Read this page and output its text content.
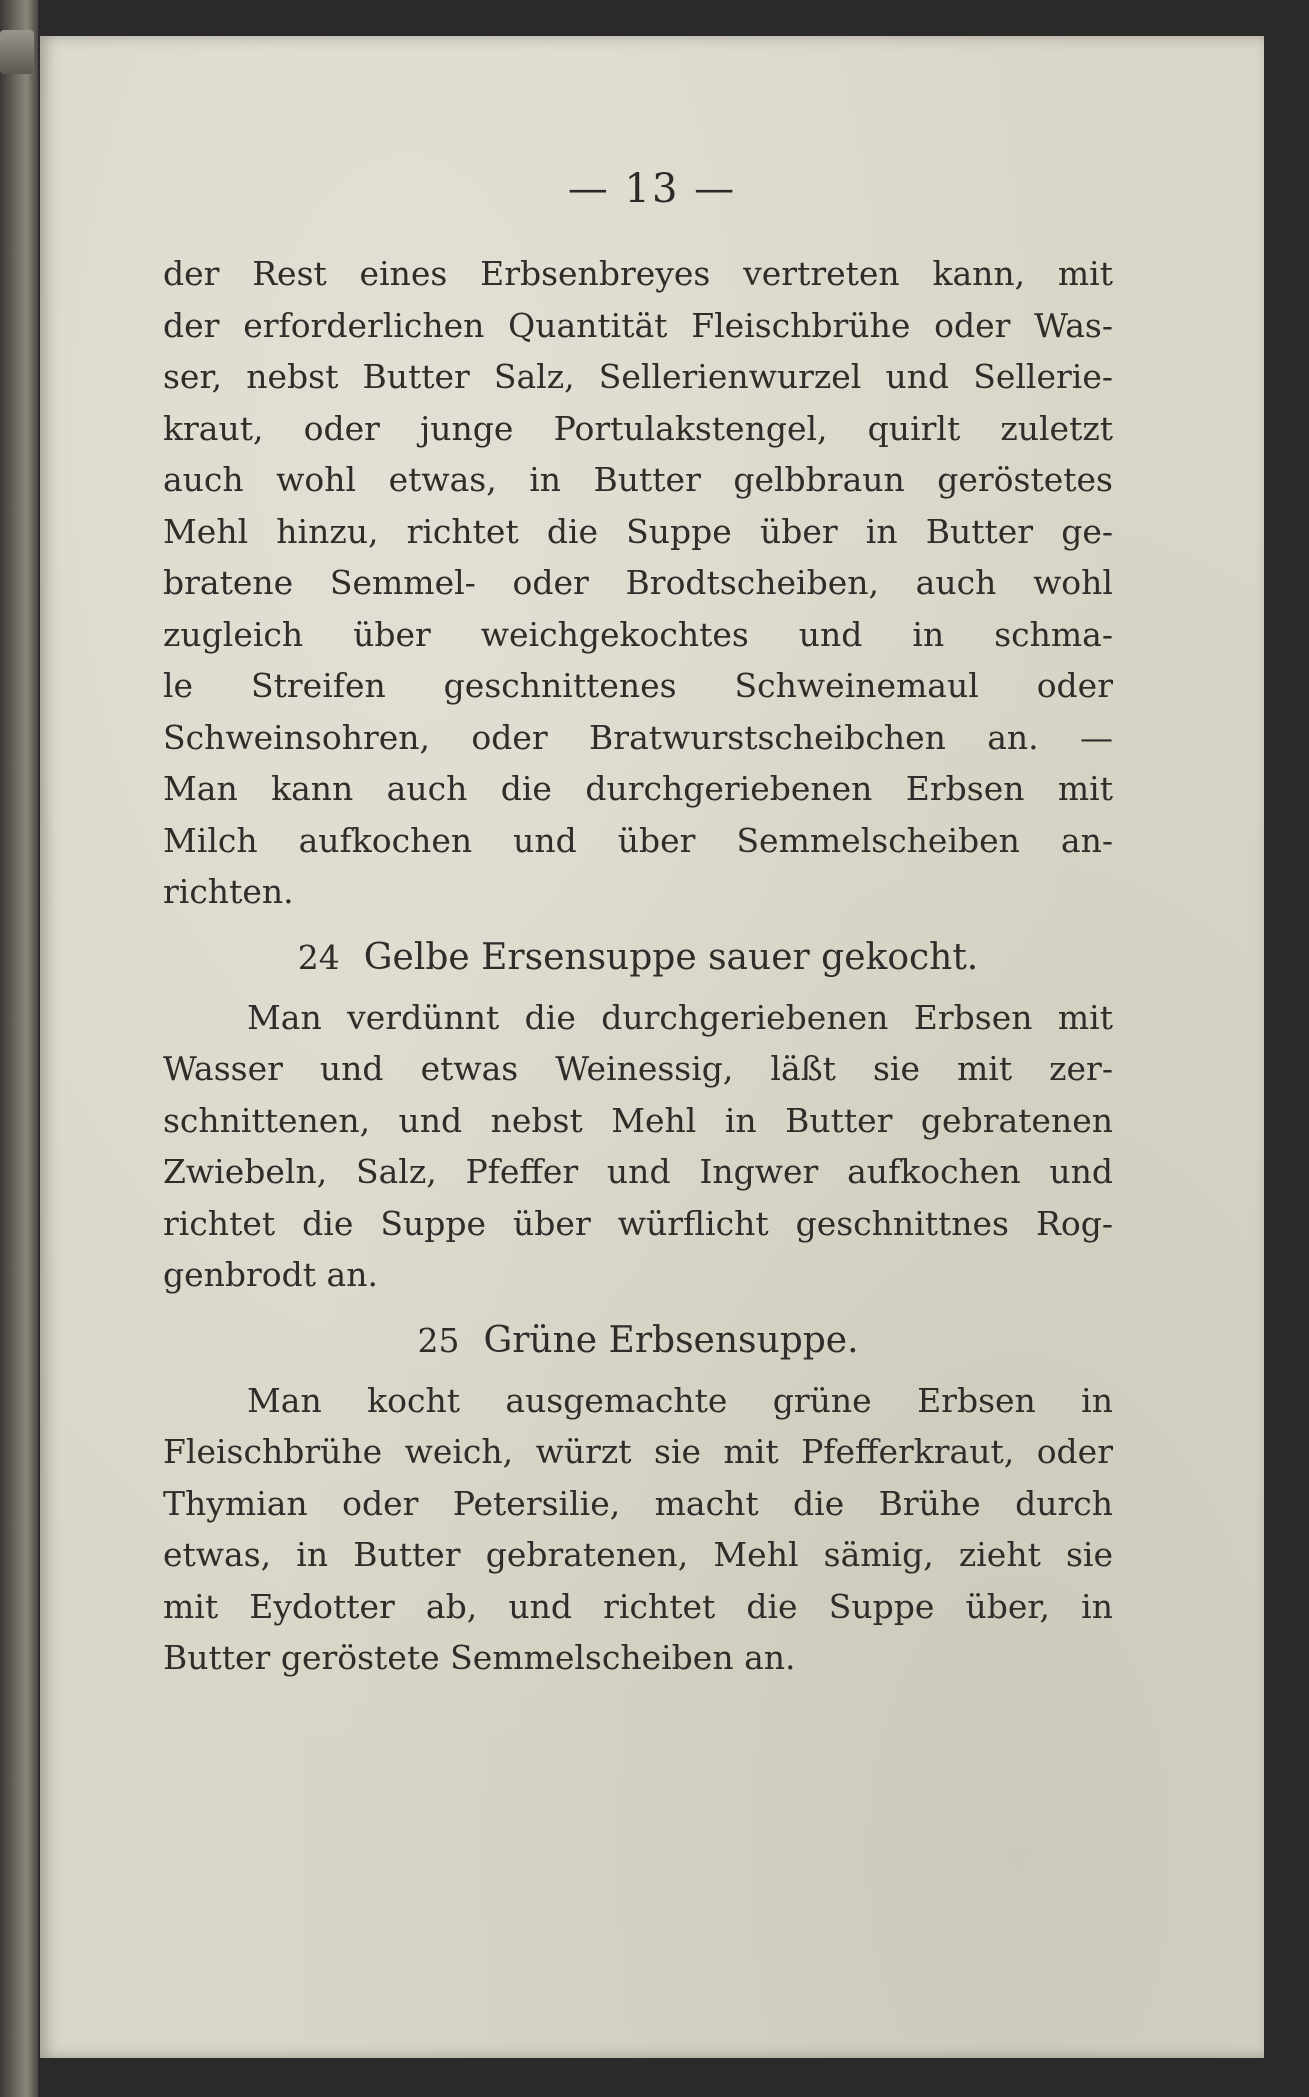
— 13 —
der Rest eines Erbsenbreyes vertreten kann, mit
der erforderlichen Quantität Fleischbrühe oder Was-
ser, nebst Butter Salz, Sellerienwurzel und Sellerie-
kraut, oder junge Portulakstengel, quirlt zuletzt
auch wohl etwas, in Butter gelbbraun geröstetes
Mehl hinzu, richtet die Suppe über in Butter ge-
bratene Semmel- oder Brodtscheiben, auch wohl
zugleich über weichgekochtes und in schma-
le Streifen geschnittenes Schweinemaul oder
Schweinsohren, oder Bratwurstscheibchen an. —
Man kann auch die durchgeriebenen Erbsen mit
Milch aufkochen und über Semmelscheiben an-
richten.
24 Gelbe Ersensuppe sauer gekocht.
Man verdünnt die durchgeriebenen Erbsen mit
Wasser und etwas Weinessig, läßt sie mit zer-
schnittenen, und nebst Mehl in Butter gebratenen
Zwiebeln, Salz, Pfeffer und Ingwer aufkochen und
richtet die Suppe über würflicht geschnittnes Rog-
genbrodt an.
25 Grüne Erbsensuppe.
Man kocht ausgemachte grüne Erbsen in
Fleischbrühe weich, würzt sie mit Pfefferkraut, oder
Thymian oder Petersilie, macht die Brühe durch
etwas, in Butter gebratenen, Mehl sämig, zieht sie
mit Eydotter ab, und richtet die Suppe über, in
Butter geröstete Semmelscheiben an.
